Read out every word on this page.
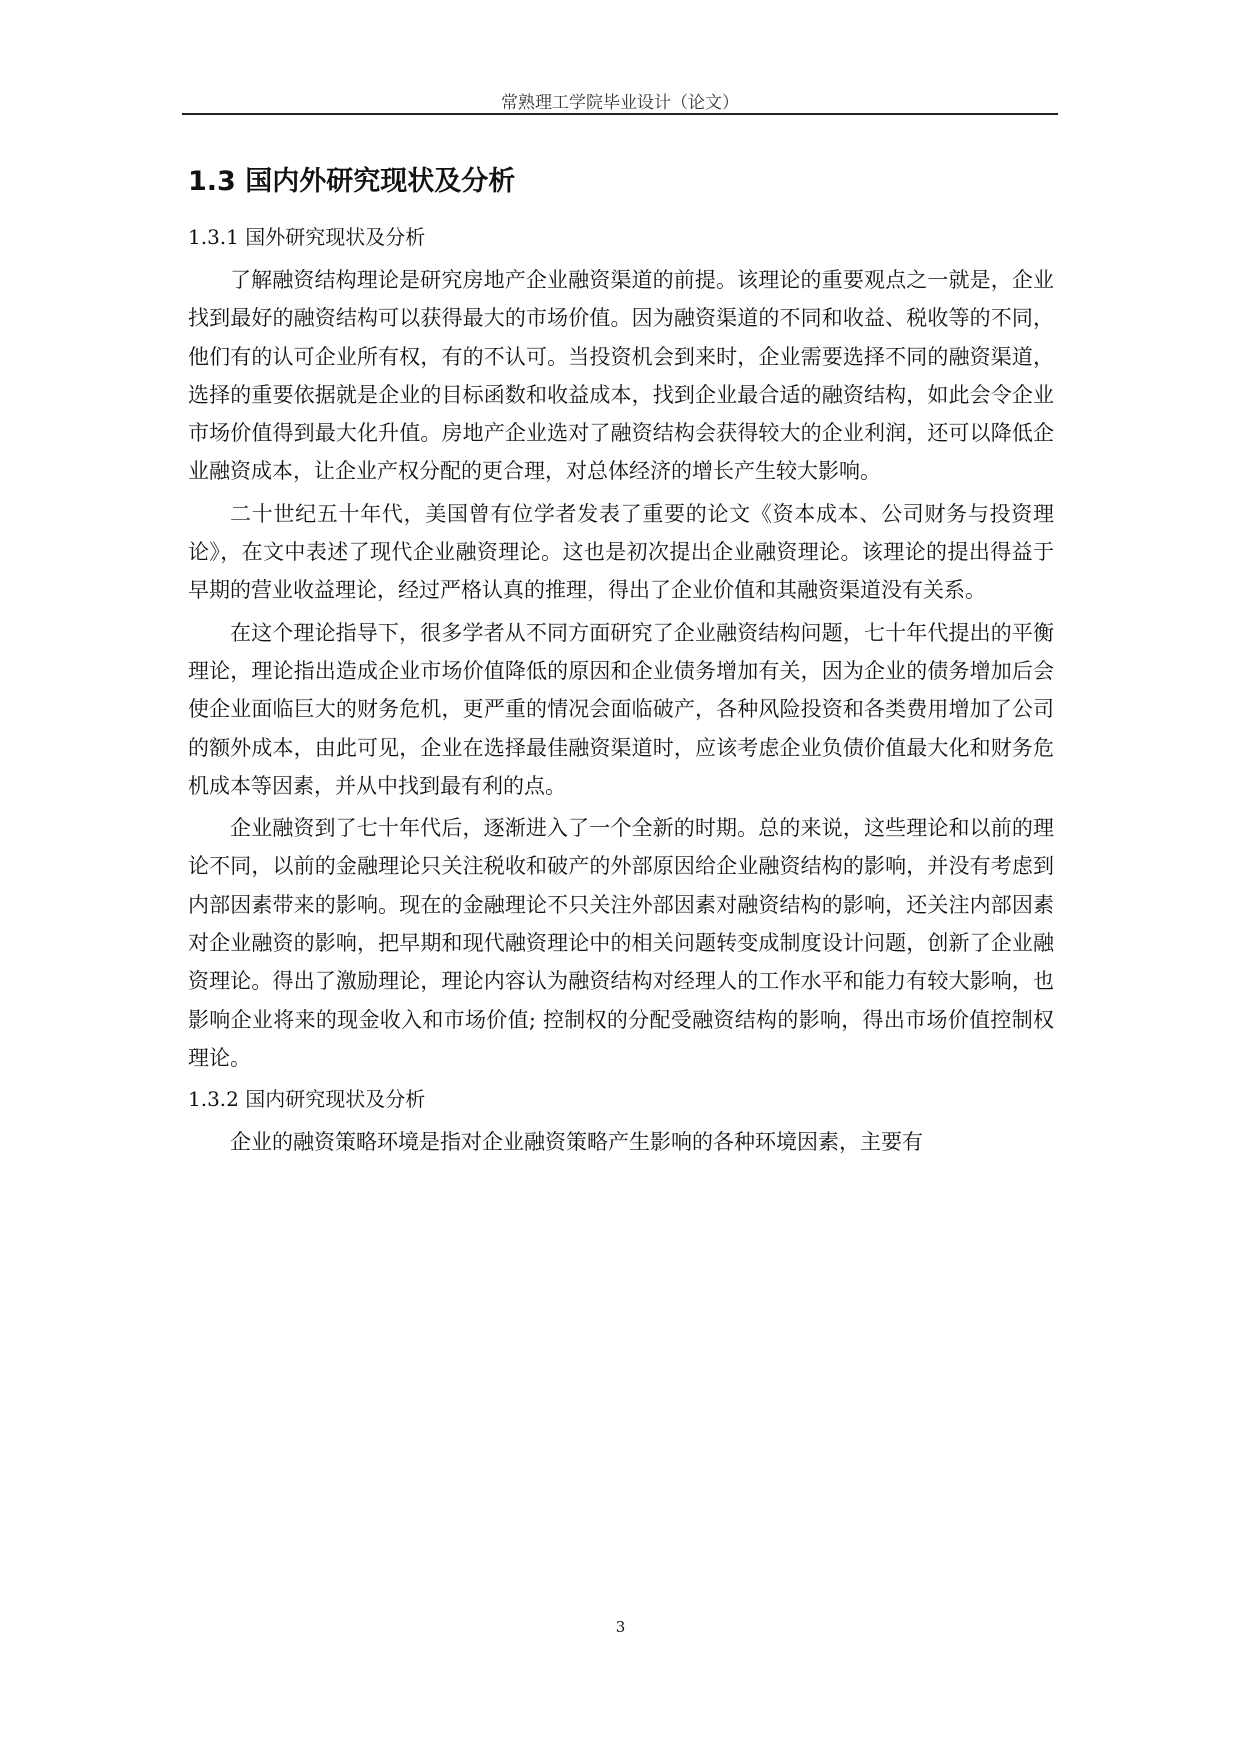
常熟理工学院毕业设计（论文）
1.3 国内外研究现状及分析
1.3.1 国外研究现状及分析

了解融资结构理论是研究房地产企业融资渠道的前提。该理论的重要观点之一就是，企业找到最好的融资结构可以获得最大的市场价值。因为融资渠道的不同和收益、税收等的不同，他们有的认可企业所有权，有的不认可。当投资机会到来时，企业需要选择不同的融资渠道，选择的重要依据就是企业的目标函数和收益成本，找到企业最合适的融资结构，如此会令企业市场价值得到最大化升值。房地产企业选对了融资结构会获得较大的企业利润，还可以降低企业融资成本，让企业产权分配的更合理，对总体经济的增长产生较大影响。

二十世纪五十年代，美国曾有位学者发表了重要的论文《资本成本、公司财务与投资理论》，在文中表述了现代企业融资理论。这也是初次提出企业融资理论。该理论的提出得益于早期的营业收益理论，经过严格认真的推理，得出了企业价值和其融资渠道没有关系。

在这个理论指导下，很多学者从不同方面研究了企业融资结构问题，七十年代提出的平衡理论，理论指出造成企业市场价值降低的原因和企业债务增加有关，因为企业的债务增加后会使企业面临巨大的财务危机，更严重的情况会面临破产，各种风险投资和各类费用增加了公司的额外成本，由此可见，企业在选择最佳融资渠道时，应该考虑企业负债价值最大化和财务危机成本等因素，并从中找到最有利的点。

企业融资到了七十年代后，逐渐进入了一个全新的时期。总的来说，这些理论和以前的理论不同，以前的金融理论只关注税收和破产的外部原因给企业融资结构的影响，并没有考虑到内部因素带来的影响。现在的金融理论不只关注外部因素对融资结构的影响，还关注内部因素对企业融资的影响，把早期和现代融资理论中的相关问题转变成制度设计问题，创新了企业融资理论。得出了激励理论，理论内容认为融资结构对经理人的工作水平和能力有较大影响，也影响企业将来的现金收入和市场价值; 控制权的分配受融资结构的影响，得出市场价值控制权理论。

1.3.2 国内研究现状及分析

企业的融资策略环境是指对企业融资策略产生影响的各种环境因素，主要有

3
